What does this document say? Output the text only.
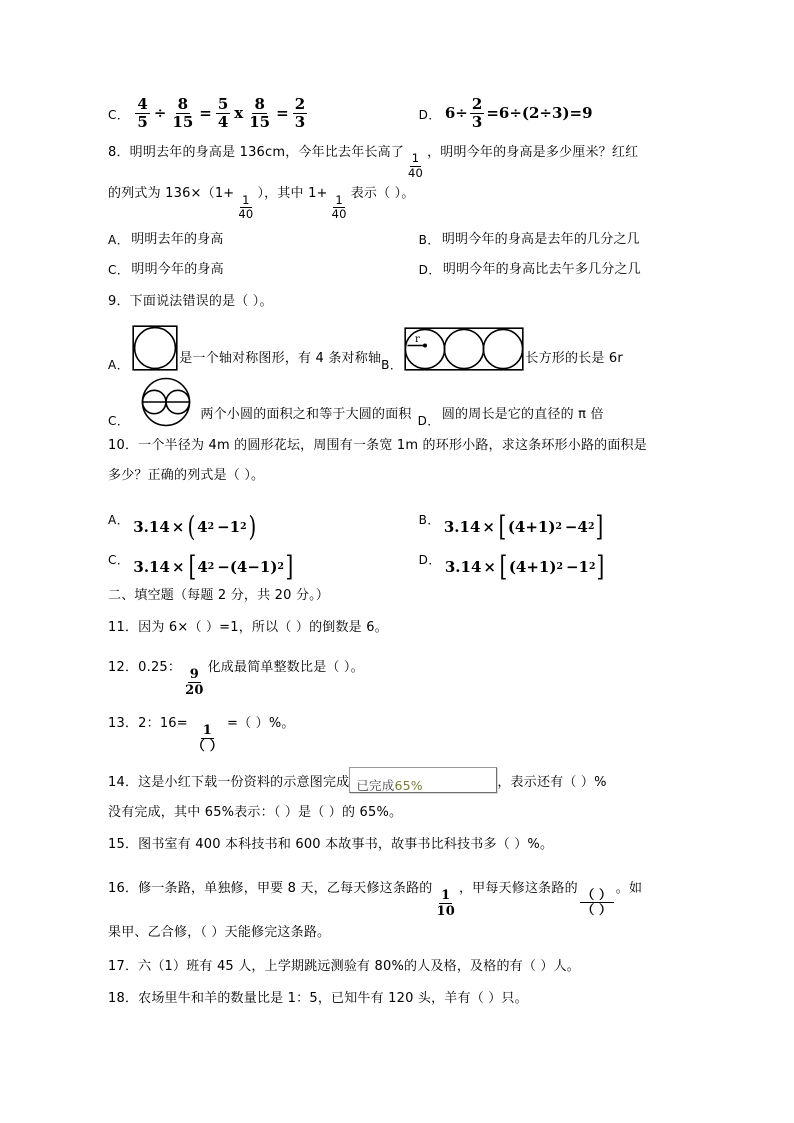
C． $\frac{4}{5} \div \frac{8}{15} = \frac{5}{4}$ x $\frac{8}{15} = \frac{2}{3}$	D． $6\div \frac{2}{3} =6\div(2\div 3)=9$
8．明明去年的身高是 136cm，今年比去年长高了
$\frac{1}{40}$
，明明今年的身高是多少厘米？红红
的列式为 136×（1+
$\frac{1}{40}$
），其中 1+
$\frac{1}{40}$
表示（ ）。
A． 明明去年的身高	B． 明明今年的身高是去年的几分之几
C． 明明今年的身高	D． 明明今年的身高比去午多几分之几
9．下面说法错误的是（ ）。
A．	是一个轴对称图形，有 4 条对称轴 B．
r
长方形的长是 6r
C．	两个小圆的面积之和等于大圆的面积 D． 圆的周长是它的直径的 π 倍
10．一个半径为 4m 的圆形花坛，周围有一条宽 1m 的环形小路，求这条环形小路的面积是
多少？正确的列式是（ ）。
A． 3.14 × ( 4 2  −1 2 )	B． 3.14 × [ (4+1) 2  −4 2 ]
C． 3.14 × [ 4 2  −(4−1) 2 ]	D． 3.14 × [ (4+1) 2  −1 2 ]
二、填空题（每题 2 分，共 20 分。）
11．因为 6×（ ）=1，所以（ ）的倒数是 6。
12．0.25：
$\frac{9}{20}$
化成最简单整数比是（ ）。
13．2：16=
$\frac{1}{( )}$
=（ ）%。
14．这是小红下载一份资料的示意图完成 已完成65%	，表示还有（ ）%
没有完成，其中 65%表示：（ ）是（ ）的 65%。
15．图书室有 400 本科技书和 600 本故事书，故事书比科技书多（ ）%。
16．修一条路，单独修，甲要 8 天，乙每天修这条路的
$\frac{1}{10}$
，甲每天修这条路的
$\frac{( )}{( )}$
。如
果甲、乙合修，（ ）天能修完这条路。
17．六（1）班有 45 人，上学期跳远测验有 80%的人及格，及格的有（ ）人。
18．农场里牛和羊的数量比是 1：5，已知牛有 120 头，羊有（ ）只。
